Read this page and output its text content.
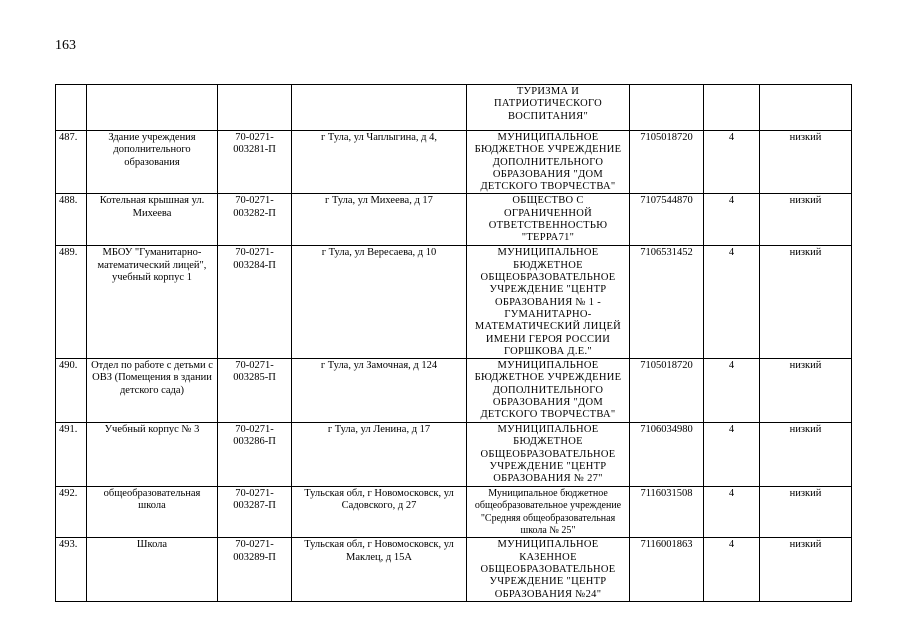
163
				ТУРИЗМА И ПАТРИОТИЧЕСКОГО ВОСПИТАНИЯ"			
487.	Здание учреждения дополнительного образования	70-0271-003281-П	г Тула, ул Чаплыгина, д 4,	МУНИЦИПАЛЬНОЕ БЮДЖЕТНОЕ УЧРЕЖДЕНИЕ ДОПОЛНИТЕЛЬНОГО ОБРАЗОВАНИЯ "ДОМ ДЕТСКОГО ТВОРЧЕСТВА"	7105018720	4	низкий
488.	Котельная крышная ул. Михеева	70-0271-003282-П	г Тула, ул Михеева, д 17	ОБЩЕСТВО С ОГРАНИЧЕННОЙ ОТВЕТСТВЕННОСТЬЮ "ТЕРРА71"	7107544870	4	низкий
489.	МБОУ "Гуманитарно-математический лицей", учебный корпус 1	70-0271-003284-П	г Тула, ул Вересаева, д 10	МУНИЦИПАЛЬНОЕ БЮДЖЕТНОЕ ОБЩЕОБРАЗОВАТЕЛЬНОЕ УЧРЕЖДЕНИЕ "ЦЕНТР ОБРАЗОВАНИЯ № 1 - ГУМАНИТАРНО-МАТЕМАТИЧЕСКИЙ ЛИЦЕЙ ИМЕНИ ГЕРОЯ РОССИИ ГОРШКОВА Д.Е."	7106531452	4	низкий
490.	Отдел по работе с детьми с ОВЗ (Помещения в здании детского сада)	70-0271-003285-П	г Тула, ул Замочная, д 124	МУНИЦИПАЛЬНОЕ БЮДЖЕТНОЕ УЧРЕЖДЕНИЕ ДОПОЛНИТЕЛЬНОГО ОБРАЗОВАНИЯ "ДОМ ДЕТСКОГО ТВОРЧЕСТВА"	7105018720	4	низкий
491.	Учебный корпус № 3	70-0271-003286-П	г Тула, ул Ленина, д 17	МУНИЦИПАЛЬНОЕ БЮДЖЕТНОЕ ОБЩЕОБРАЗОВАТЕЛЬНОЕ УЧРЕЖДЕНИЕ "ЦЕНТР ОБРАЗОВАНИЯ № 27"	7106034980	4	низкий
492.	общеобразовательная школа	70-0271-003287-П	Тульская обл, г Новомосковск, ул Садовского, д 27	Муниципальное бюджетное общеобразовательное учреждение "Средняя общеобразовательная школа № 25"	7116031508	4	низкий
493.	Школа	70-0271-003289-П	Тульская обл, г Новомосковск, ул Маклец, д 15А	МУНИЦИПАЛЬНОЕ КАЗЕННОЕ ОБЩЕОБРАЗОВАТЕЛЬНОЕ УЧРЕЖДЕНИЕ "ЦЕНТР ОБРАЗОВАНИЯ №24"	7116001863	4	низкий
